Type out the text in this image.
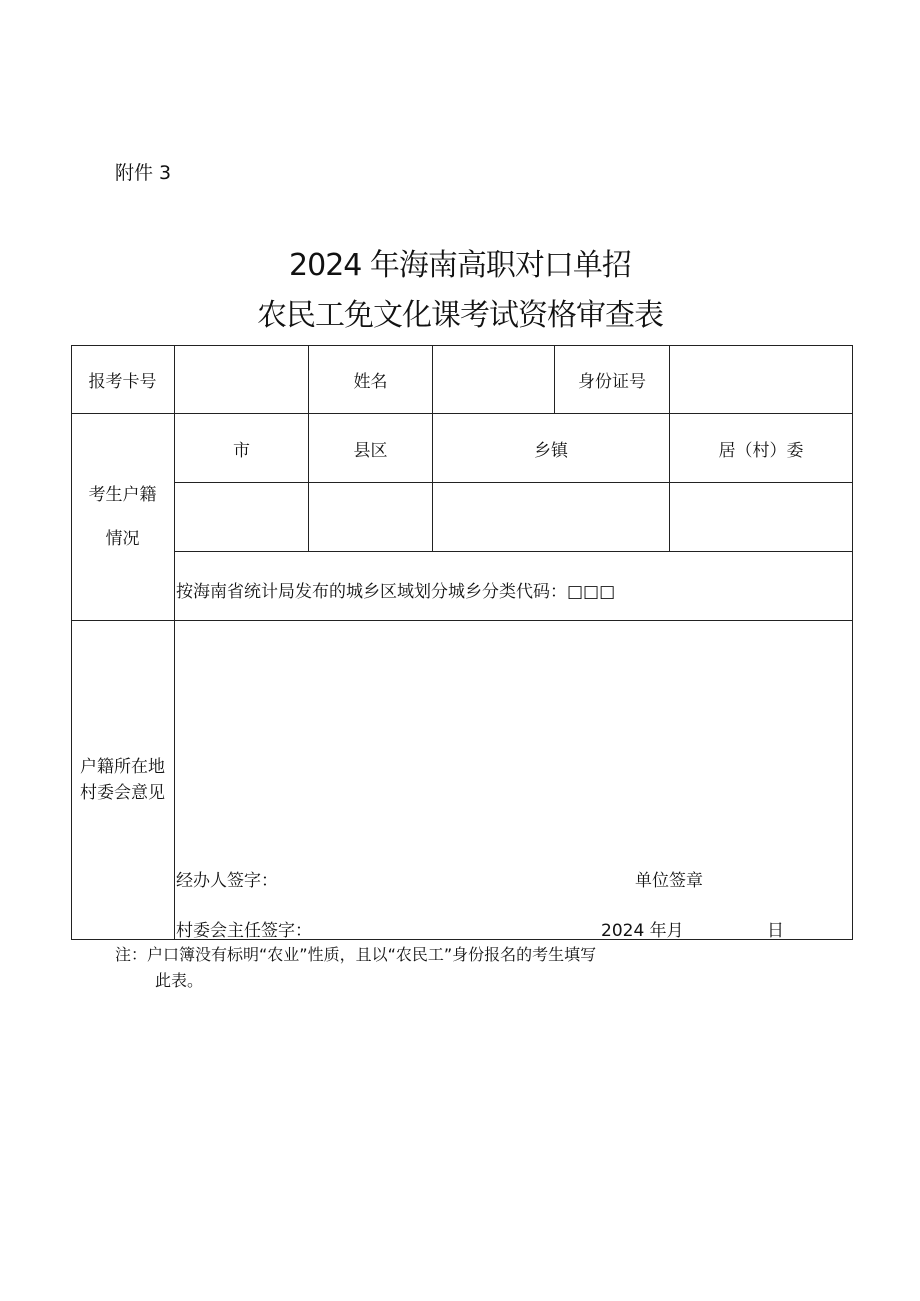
附件 3
2024 年海南高职对口单招
农民工免文化课考试资格审查表
报考卡号	姓名	身份证号
考生户籍
情况
市	县区	乡镇	居（村）委
按海南省统计局发布的城乡区域划分城乡分类代码：□□□
户籍所在地
村委会意见
经办人签字：	单位签章
村委会主任签字：	2024 年月	日
注：户口簿没有标明“农业”性质，且以“农民工”身份报名的考生填写
此表。
